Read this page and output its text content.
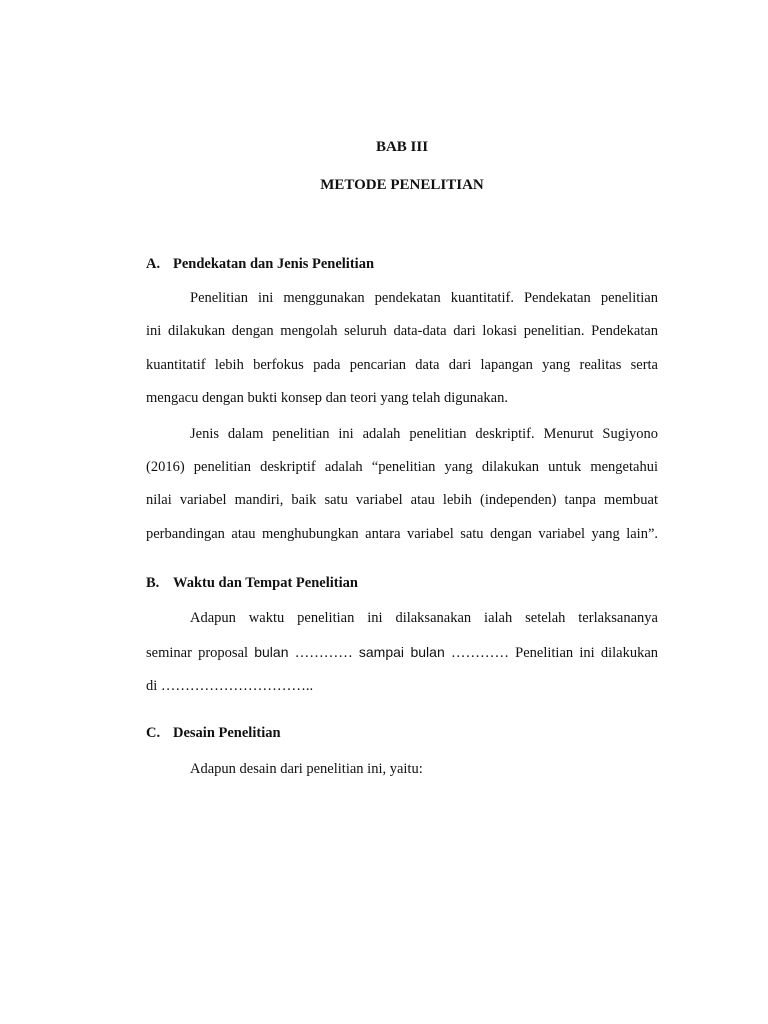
BAB III
METODE PENELITIAN
A. Pendekatan dan Jenis Penelitian
Penelitian ini menggunakan pendekatan kuantitatif. Pendekatan penelitian
ini dilakukan dengan mengolah seluruh data-data dari lokasi penelitian. Pendekatan
kuantitatif lebih berfokus pada pencarian data dari lapangan yang realitas serta
mengacu dengan bukti konsep dan teori yang telah digunakan.
Jenis dalam penelitian ini adalah penelitian deskriptif. Menurut Sugiyono
(2016) penelitian deskriptif adalah “penelitian yang dilakukan untuk mengetahui
nilai variabel mandiri, baik satu variabel atau lebih (independen) tanpa membuat
perbandingan atau menghubungkan antara variabel satu dengan variabel yang lain”.
B. Waktu dan Tempat Penelitian
Adapun waktu penelitian ini dilaksanakan ialah setelah terlaksananya
seminar proposal bulan ………… sampai bulan ………… Penelitian ini dilakukan
di …………………………..
C. Desain Penelitian
Adapun desain dari penelitian ini, yaitu:
